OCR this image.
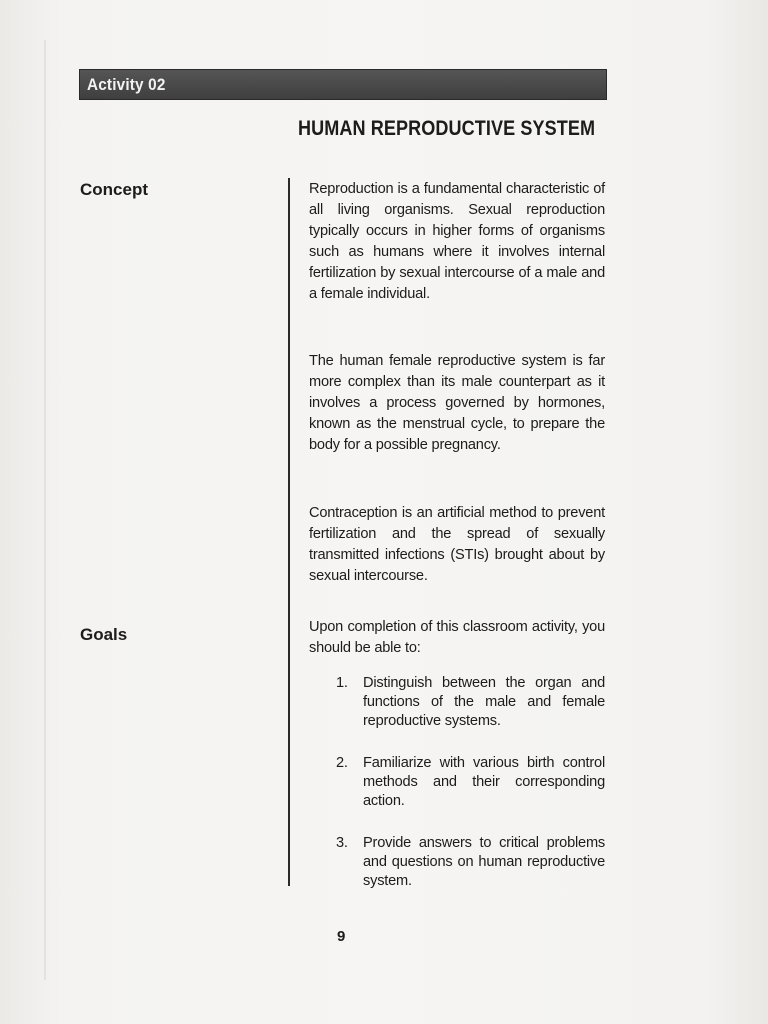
Activity 02
HUMAN REPRODUCTIVE SYSTEM
Concept	Reproduction is a fundamental characteristic of all living organisms. Sexual reproduction typically occurs in higher forms of organisms such as humans where it involves internal fertilization by sexual intercourse of a male and a female individual.

The human female reproductive system is far more complex than its male counterpart as it involves a process governed by hormones, known as the menstrual cycle, to prepare the body for a possible pregnancy.

Contraception is an artificial method to prevent fertilization and the spread of sexually transmitted infections (STIs) brought about by sexual intercourse.

Goals	Upon completion of this classroom activity, you should be able to:

1. Distinguish between the organ and functions of the male and female reproductive systems.
2. Familiarize with various birth control methods and their corresponding action.
3. Provide answers to critical problems and questions on human reproductive system.
9
